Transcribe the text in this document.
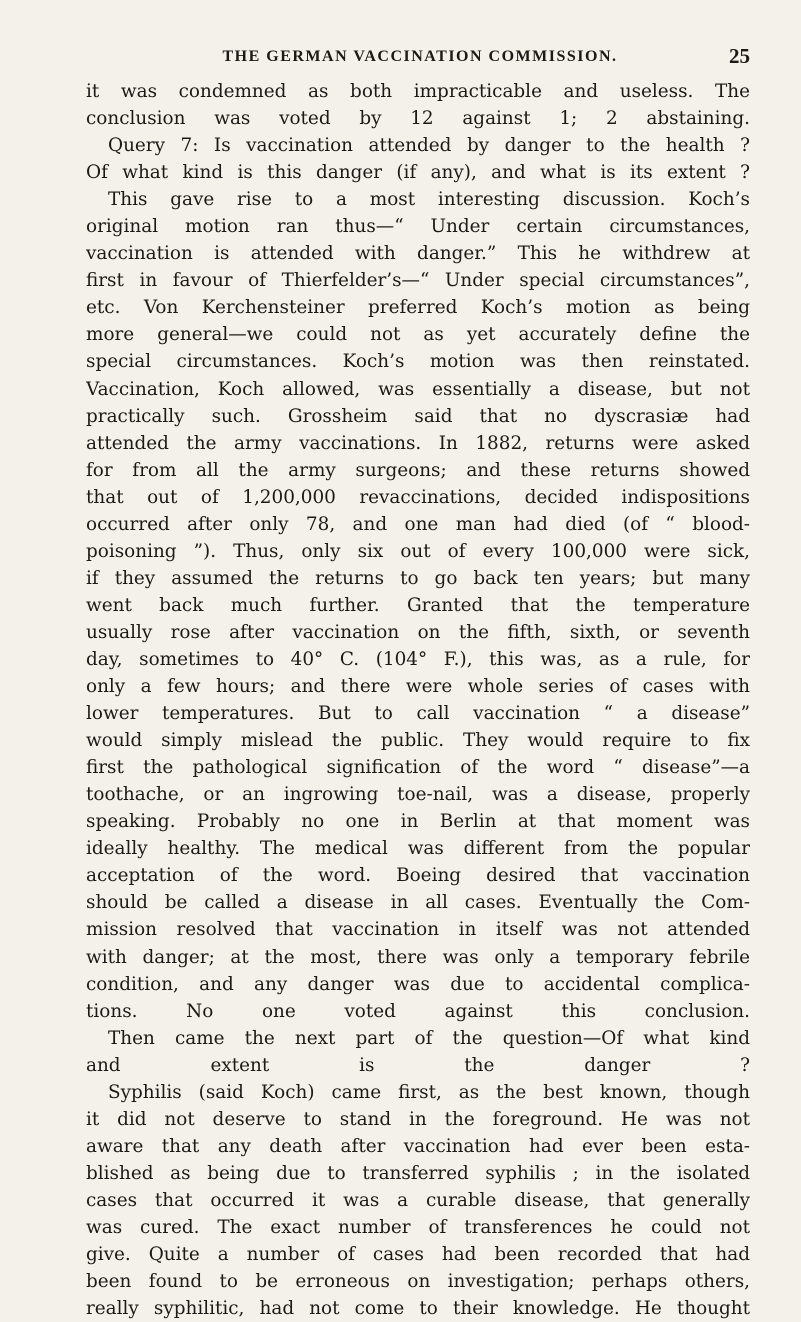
THE GERMAN VACCINATION COMMISSION.	25
it was condemned as both impracticable and useless. The
conclusion was voted by 12 against 1; 2 abstaining.
Query 7: Is vaccination attended by danger to the health ?
Of what kind is this danger (if any), and what is its extent ?
This gave rise to a most interesting discussion. Koch’s
original motion ran thus—“ Under certain circumstances,
vaccination is attended with danger.” This he withdrew at
first in favour of Thierfelder’s—“ Under special circumstances”,
etc. Von Kerchensteiner preferred Koch’s motion as being
more general—we could not as yet accurately define the
special circumstances. Koch’s motion was then reinstated.
Vaccination, Koch allowed, was essentially a disease, but not
practically such. Grossheim said that no dyscrasiæ had
attended the army vaccinations. In 1882, returns were asked
for from all the army surgeons; and these returns showed
that out of 1,200,000 revaccinations, decided indispositions
occurred after only 78, and one man had died (of “ blood-
poisoning ”). Thus, only six out of every 100,000 were sick,
if they assumed the returns to go back ten years; but many
went back much further. Granted that the temperature
usually rose after vaccination on the fifth, sixth, or seventh
day, sometimes to 40° C. (104° F.), this was, as a rule, for
only a few hours; and there were whole series of cases with
lower temperatures. But to call vaccination “ a disease”
would simply mislead the public. They would require to fix
first the pathological signification of the word “ disease”—a
toothache, or an ingrowing toe-nail, was a disease, properly
speaking. Probably no one in Berlin at that moment was
ideally healthy. The medical was different from the popular
acceptation of the word. Boeing desired that vaccination
should be called a disease in all cases. Eventually the Com-
mission resolved that vaccination in itself was not attended
with danger; at the most, there was only a temporary febrile
condition, and any danger was due to accidental complica-
tions. No one voted against this conclusion.
Then came the next part of the question—Of what kind
and extent is the danger ?
Syphilis (said Koch) came first, as the best known, though
it did not deserve to stand in the foreground. He was not
aware that any death after vaccination had ever been esta-
blished as being due to transferred syphilis ; in the isolated
cases that occurred it was a curable disease, that generally
was cured. The exact number of transferences he could not
give. Quite a number of cases had been recorded that had
been found to be erroneous on investigation; perhaps others,
really syphilitic, had not come to their knowledge. He thought
